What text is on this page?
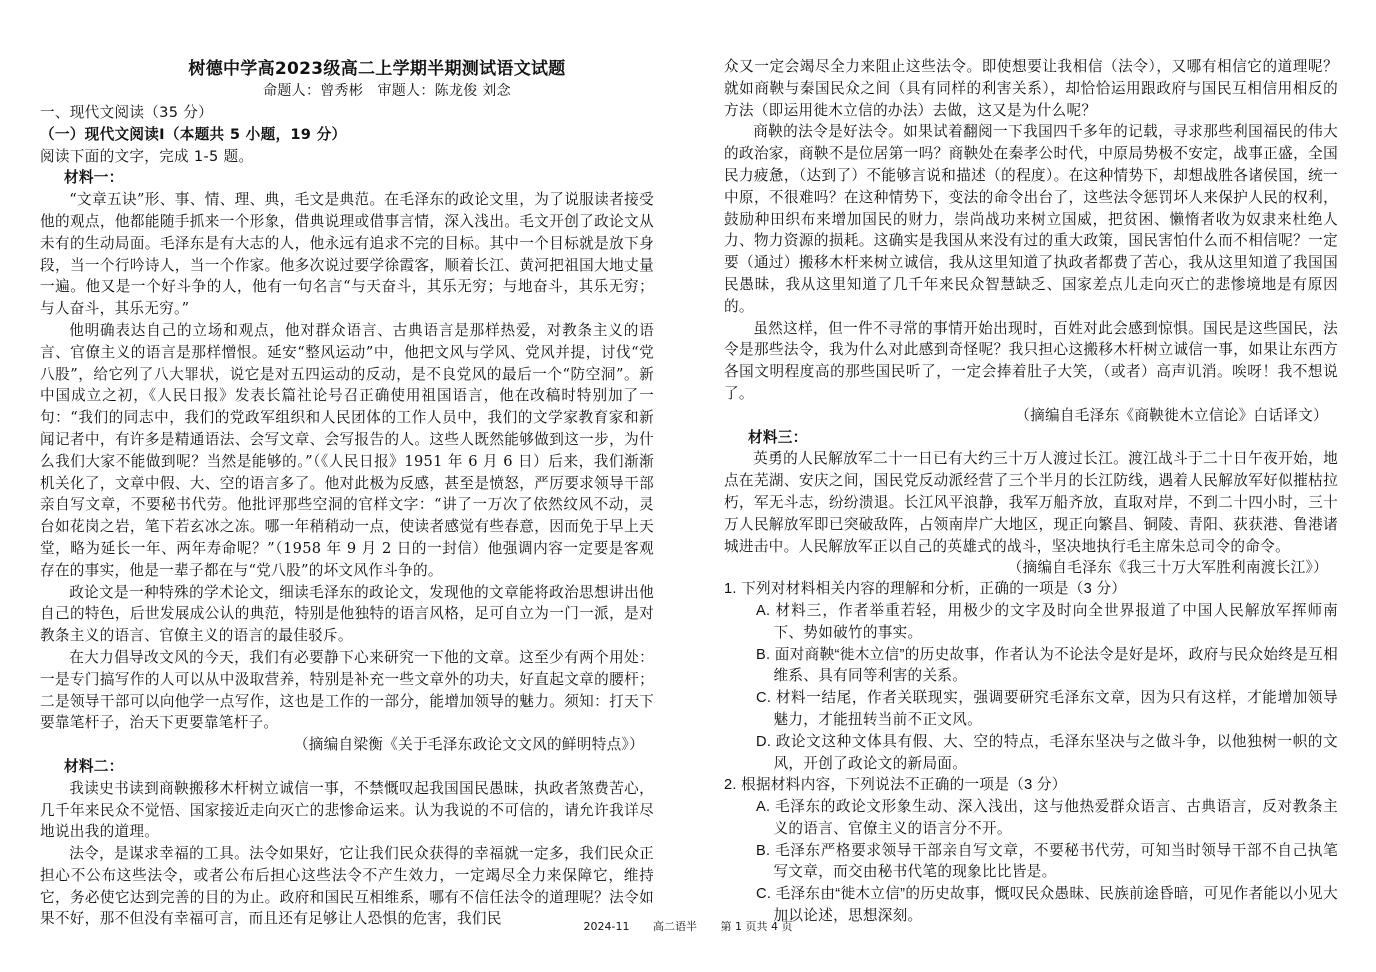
树德中学高2023级高二上学期半期测试语文试题

命题人：曾秀彬　审题人：陈龙俊 刘念

一、现代文阅读（35 分）

（一）现代文阅读Ⅰ（本题共 5 小题，19 分）

阅读下面的文字，完成 1-5 题。

材料一：

“文章五诀”形、事、情、理、典，毛文是典范。在毛泽东的政论文里，为了说服读者接受他的观点，他都能随手抓来一个形象，借典说理或借事言情，深入浅出。毛文开创了政论文从未有的生动局面。毛泽东是有大志的人，他永远有追求不完的目标。其中一个目标就是放下身段，当一个行吟诗人，当一个作家。他多次说过要学徐霞客，顺着长江、黄河把祖国大地丈量一遍。他又是一个好斗争的人，他有一句名言“与天奋斗，其乐无穷；与地奋斗，其乐无穷；与人奋斗，其乐无穷。”

他明确表达自己的立场和观点，他对群众语言、古典语言是那样热爱，对教条主义的语言、官僚主义的语言是那样憎恨。延安“整风运动”中，他把文风与学风、党风并提，讨伐“党八股”，给它列了八大罪状，说它是对五四运动的反动，是不良党风的最后一个“防空洞”。新中国成立之初，《人民日报》发表长篇社论号召正确使用祖国语言，他在改稿时特别加了一句：“我们的同志中，我们的党政军组织和人民团体的工作人员中，我们的文学家教育家和新闻记者中，有许多是精通语法、会写文章、会写报告的人。这些人既然能够做到这一步，为什么我们大家不能做到呢？当然是能够的。”（《人民日报》1951 年 6 月 6 日）后来，我们渐渐机关化了，文章中假、大、空的语言多了。他对此极为反感，甚至是愤怒，严厉要求领导干部亲自写文章，不要秘书代劳。他批评那些空洞的官样文字：“讲了一万次了依然纹风不动，灵台如花岗之岩，笔下若玄冰之冻。哪一年稍稍动一点，使读者感觉有些春意，因而免于早上天堂，略为延长一年、两年寿命呢？”（1958 年 9 月 2 日的一封信）他强调内容一定要是客观存在的事实，他是一辈子都在与“党八股”的坏文风作斗争的。

政论文是一种特殊的学术论文，细读毛泽东的政论文，发现他的文章能将政治思想讲出他自己的特色，后世发展成公认的典范，特别是他独特的语言风格，足可自立为一门一派，是对教条主义的语言、官僚主义的语言的最佳驳斥。

在大力倡导改文风的今天，我们有必要静下心来研究一下他的文章。这至少有两个用处：一是专门搞写作的人可以从中汲取营养，特别是补充一些文章外的功夫，好直起文章的腰杆；二是领导干部可以向他学一点写作，这也是工作的一部分，能增加领导的魅力。须知：打天下要靠笔杆子，治天下更要靠笔杆子。

（摘编自梁衡《关于毛泽东政论文文风的鲜明特点》）

材料二：

我读史书读到商鞅搬移木杆树立诚信一事，不禁慨叹起我国国民愚昧，执政者煞费苦心，几千年来民众不觉悟、国家接近走向灭亡的悲惨命运来。认为我说的不可信的，请允许我详尽地说出我的道理。

法令，是谋求幸福的工具。法令如果好，它让我们民众获得的幸福就一定多，我们民众正担心不公布这些法令，或者公布后担心这些法令不产生效力，一定竭尽全力来保障它，维持它，务必使它达到完善的目的为止。政府和国民互相维系，哪有不信任法令的道理呢？法令如果不好，那不但没有幸福可言，而且还有足够让人恐惧的危害，我们民

众又一定会竭尽全力来阻止这些法令。即使想要让我相信（法令），又哪有相信它的道理呢？就如商鞅与秦国民众之间（具有同样的利害关系），却恰恰运用跟政府与国民互相信用相反的方法（即运用徙木立信的办法）去做，这又是为什么呢？

商鞅的法令是好法令。如果试着翻阅一下我国四千多年的记载，寻求那些利国福民的伟大的政治家，商鞅不是位居第一吗？商鞅处在秦孝公时代，中原局势极不安定，战事正盛，全国民力疲惫，（达到了）不能够言说和描述（的程度）。在这种情势下，却想战胜各诸侯国，统一中原，不很难吗？在这种情势下，变法的命令出台了，这些法令惩罚坏人来保护人民的权利，鼓励种田织布来增加国民的财力，崇尚战功来树立国威，把贫困、懒惰者收为奴隶来杜绝人力、物力资源的损耗。这确实是我国从来没有过的重大政策，国民害怕什么而不相信呢？一定要（通过）搬移木杆来树立诚信，我从这里知道了执政者都费了苦心，我从这里知道了我国国民愚昧，我从这里知道了几千年来民众智慧缺乏、国家差点儿走向灭亡的悲惨境地是有原因的。

虽然这样，但一件不寻常的事情开始出现时，百姓对此会感到惊惧。国民是这些国民，法令是那些法令，我为什么对此感到奇怪呢？我只担心这搬移木杆树立诚信一事，如果让东西方各国文明程度高的那些国民听了，一定会捧着肚子大笑，（或者）高声讥消。唉呀！我不想说了。

（摘编自毛泽东《商鞅徙木立信论》白话译文）

材料三：

英勇的人民解放军二十一日已有大约三十万人渡过长江。渡江战斗于二十日午夜开始，地点在芜湖、安庆之间，国民党反动派经营了三个半月的长江防线，遇着人民解放军好似摧枯拉朽，军无斗志，纷纷溃退。长江风平浪静，我军万船齐放，直取对岸，不到二十四小时，三十万人民解放军即已突破敌阵，占领南岸广大地区，现正向繁昌、铜陵、青阳、荻获港、鲁港诸城进击中。人民解放军正以自己的英雄式的战斗，坚决地执行毛主席朱总司令的命令。

（摘编自毛泽东《我三十万大军胜利南渡长江》）

1. 下列对材料相关内容的理解和分析，正确的一项是（3 分）

A. 材料三，作者举重若轻，用极少的文字及时向全世界报道了中国人民解放军挥师南下、势如破竹的事实。

B. 面对商鞅“徙木立信”的历史故事，作者认为不论法令是好是坏，政府与民众始终是互相维系、具有同等利害的关系。

C. 材料一结尾，作者关联现实，强调要研究毛泽东文章，因为只有这样，才能增加领导魅力，才能扭转当前不正文风。

D. 政论文这种文体具有假、大、空的特点，毛泽东坚决与之做斗争，以他独树一帜的文风，开创了政论文的新局面。

2. 根据材料内容，下列说法不正确的一项是（3 分）

A. 毛泽东的政论文形象生动、深入浅出，这与他热爱群众语言、古典语言，反对教条主义的语言、官僚主义的语言分不开。

B. 毛泽东严格要求领导干部亲自写文章，不要秘书代劳，可知当时领导干部不自己执笔写文章，而交由秘书代笔的现象比比皆是。

C. 毛泽东由“徙木立信”的历史故事，慨叹民众愚昧、民族前途昏暗，可见作者能以小见大加以论述，思想深刻。

2024-11 高二语半 第 1 页共 4 页
